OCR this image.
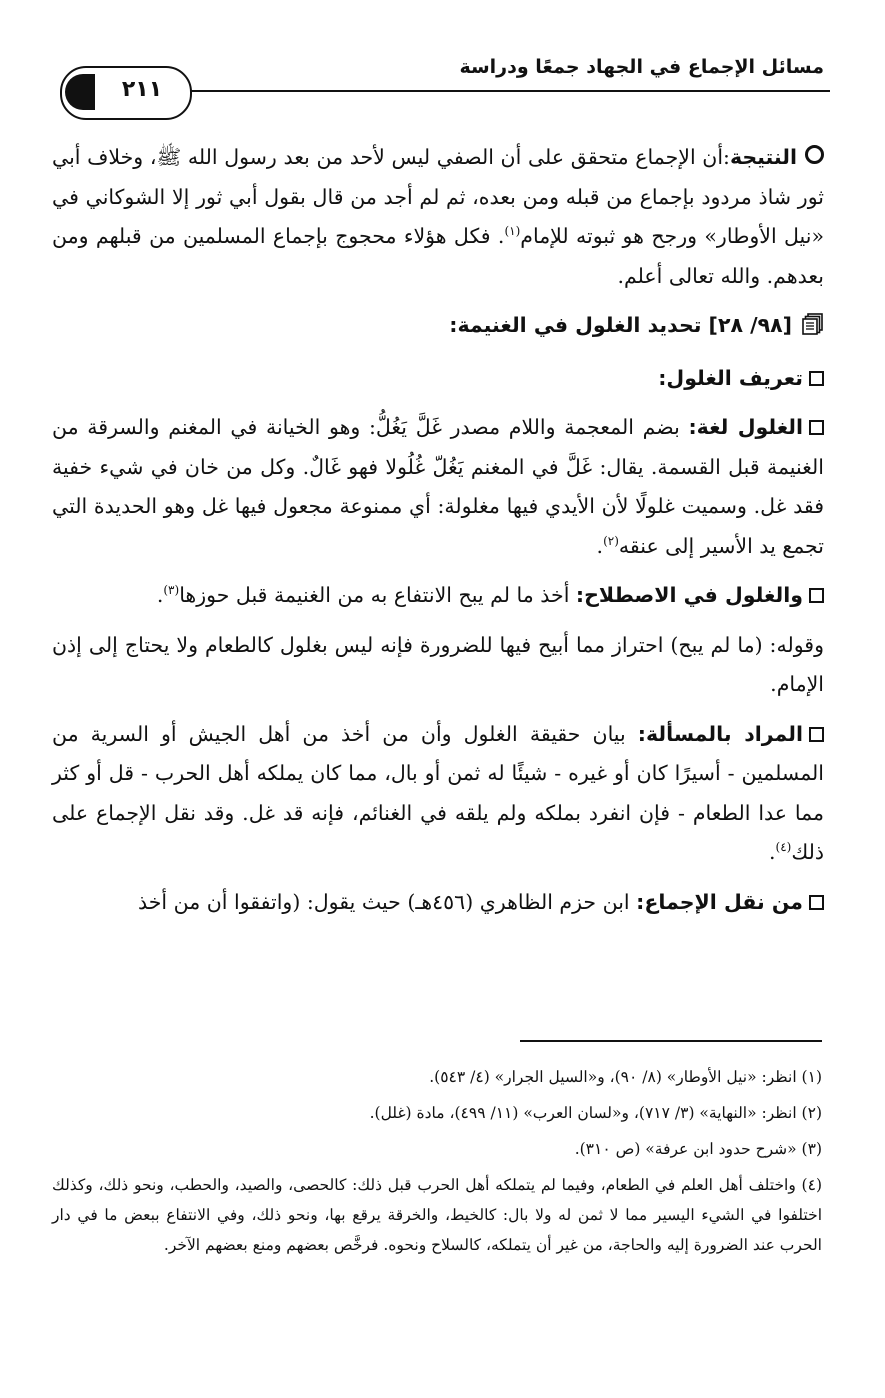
مسائل الإجماع في الجهاد جمعًا ودراسة
٢١١

النتيجة:أن الإجماع متحقق على أن الصفي ليس لأحد من بعد رسول الله ﷺ، وخلاف أبي ثور شاذ مردود بإجماع من قبله ومن بعده، ثم لم أجد من قال بقول أبي ثور إلا الشوكاني في «نيل الأوطار» ورجح هو ثبوته للإمام$^{(١)}$. فكل هؤلاء محجوج بإجماع المسلمين من قبلهم ومن بعدهم. والله تعالى أعلم.

[٩٨/ ٢٨] تحديد الغلول في الغنيمة:

تعريف الغلول:

الغلول لغة: بضم المعجمة واللام مصدر غَلَّ يَغُلُّ: وهو الخيانة في المغنم والسرقة من الغنيمة قبل القسمة. يقال: غَلَّ في المغنم يَغُلّ غُلُولا فهو غَالٌ. وكل من خان في شيء خفية فقد غل. وسميت غلولًا لأن الأيدي فيها مغلولة: أي ممنوعة مجعول فيها غل وهو الحديدة التي تجمع يد الأسير إلى عنقه$^{(٢)}$.

والغلول في الاصطلاح: أخذ ما لم يبح الانتفاع به من الغنيمة قبل حوزها$^{(٣)}$.

وقوله: (ما لم يبح) احتراز مما أبيح فيها للضرورة فإنه ليس بغلول كالطعام ولا يحتاج إلى إذن الإمام.

المراد بالمسألة: بيان حقيقة الغلول وأن من أخذ من أهل الجيش أو السرية من المسلمين - أسيرًا كان أو غيره - شيئًا له ثمن أو بال، مما كان يملكه أهل الحرب - قل أو كثر مما عدا الطعام - فإن انفرد بملكه ولم يلقه في الغنائم، فإنه قد غل. وقد نقل الإجماع على ذلك$^{(٤)}$.

من نقل الإجماع: ابن حزم الظاهري (٤٥٦هـ) حيث يقول: (واتفقوا أن من أخذ

(١) انظر: «نيل الأوطار» (٨/ ٩٠)، و«السيل الجرار» (٤/ ٥٤٣).

(٢) انظر: «النهاية» (٣/ ٧١٧)، و«لسان العرب» (١١/ ٤٩٩)، مادة (غلل).

(٣) «شرح حدود ابن عرفة» (ص ٣١٠).

(٤) واختلف أهل العلم في الطعام، وفيما لم يتملكه أهل الحرب قبل ذلك: كالحصى، والصيد، والحطب، ونحو ذلك، وكذلك اختلفوا في الشيء اليسير مما لا ثمن له ولا بال: كالخيط، والخرقة يرقع بها، ونحو ذلك، وفي الانتفاع ببعض ما في دار الحرب عند الضرورة إليه والحاجة، من غير أن يتملكه، كالسلاح ونحوه. فرخَّص بعضهم ومنع بعضهم الآخر.
